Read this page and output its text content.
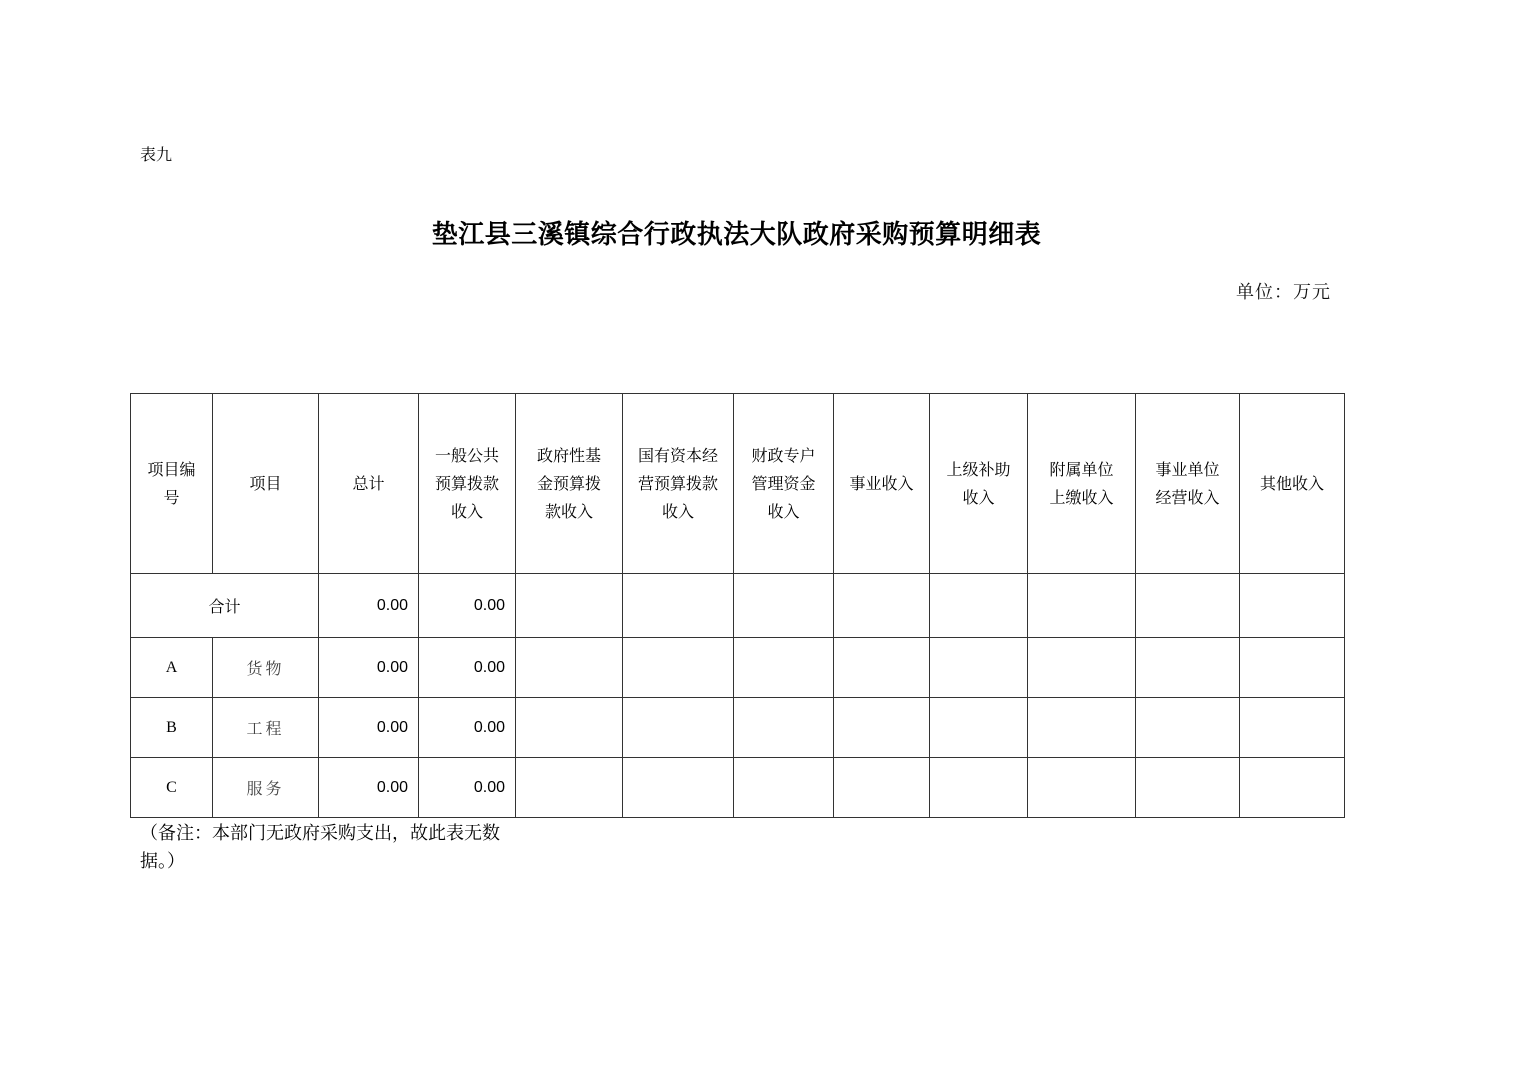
表九
垫江县三溪镇综合行政执法大队政府采购预算明细表
单位：万元
项目编号	项目	总计	一般公共预算拨款收入	政府性基金预算拨款收入	国有资本经营预算拨款收入	财政专户管理资金收入	事业收入	上级补助收入	附属单位上缴收入	事业单位经营收入	其他收入
合计		0.00	0.00								
A	货物	0.00	0.00								
B	工程	0.00	0.00								
C	服务	0.00	0.00								
（备注：本部门无政府采购支出，故此表无数据。）
